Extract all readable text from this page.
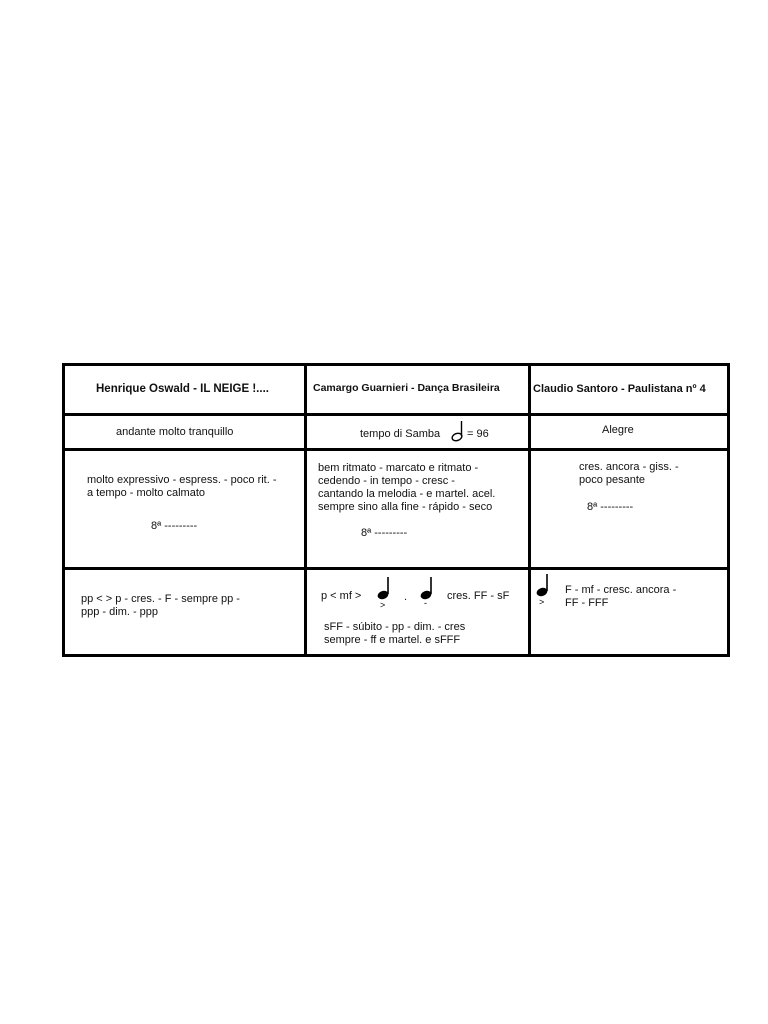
Henrique Oswald - IL NEIGE !....
andante molto tranquillo
molto expressivo - espress. - poco rit. -
a tempo - molto calmato
8ª ---------
pp < > p - cres. - F - sempre pp -
ppp - dim. - ppp
Camargo Guarnieri - Dança Brasileira
tempo di Samba = 96
bem ritmato - marcato e ritmato -
cedendo - in tempo - cresc -
cantando la melodia - e martel. acel.
sempre sino alla fine - rápido - seco
8ª ---------
p < mf >
>
. -
cres. FF - sF
sFF - súbito - pp - dim. - cres
sempre - ff e martel. e sFFF
Claudio Santoro - Paulistana nº 4
Alegre
cres. ancora - giss. -
poco pesante
8ª ---------
>
F - mf - cresc. ancora -
FF - FFF
